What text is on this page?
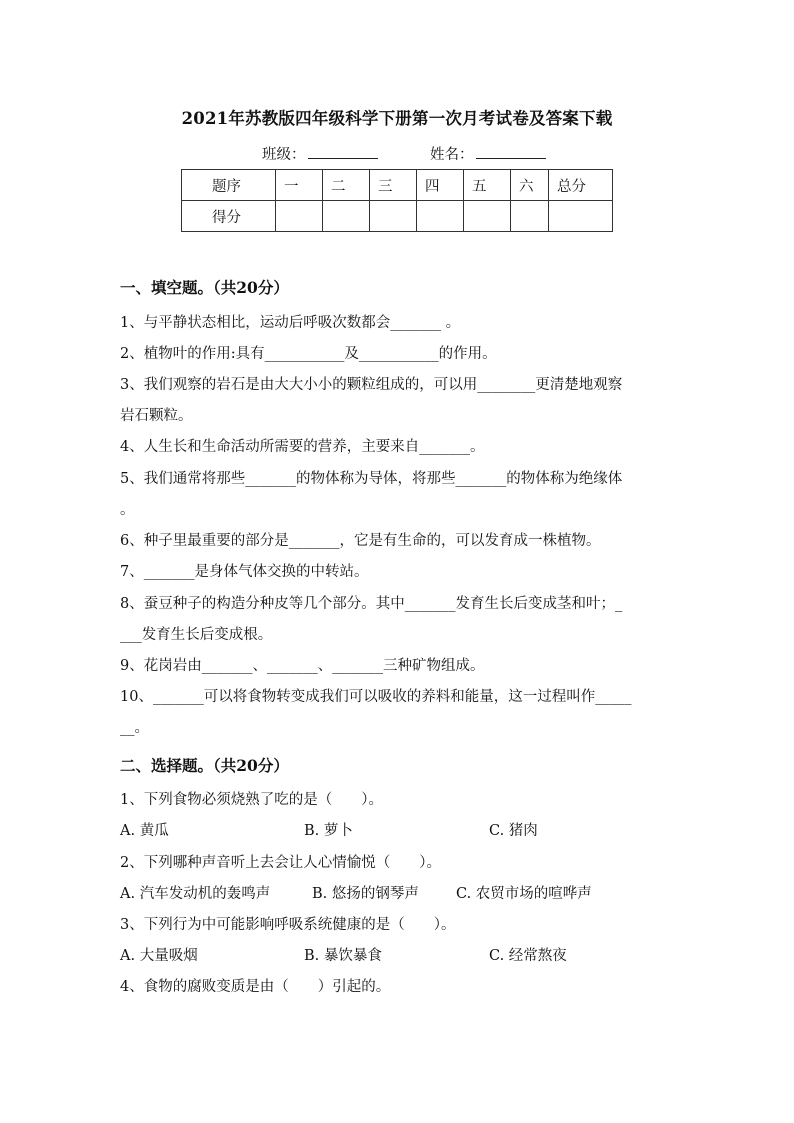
2021年苏教版四年级科学下册第一次月考试卷及答案下载
班级：	姓名：
题序	一	二	三	四	五	六	总分
得分							
一、填空题。（共20分）
1、与平静状态相比，运动后呼吸次数都会_______ 。
2、植物叶的作用:具有___________及___________的作用。
3、我们观察的岩石是由大大小小的颗粒组成的，可以用________更清楚地观察
岩石颗粒。
4、人生长和生命活动所需要的营养，主要来自_______。
5、我们通常将那些_______的物体称为导体，将那些_______的物体称为绝缘体
。
6、种子里最重要的部分是_______，它是有生命的，可以发育成一株植物。
7、_______是身体气体交换的中转站。
8、蚕豆种子的构造分种皮等几个部分。其中_______发育生长后变成茎和叶；_
___发育生长后变成根。
9、花岗岩由_______、_______、_______三种矿物组成。
10、_______可以将食物转变成我们可以吸收的养料和能量，这一过程叫作_____
__。
二、选择题。（共20分）
1、下列食物必须烧熟了吃的是（　　）。
A. 黄瓜	B. 萝卜	C. 猪肉
2、下列哪种声音听上去会让人心情愉悦（　　）。
A. 汽车发动机的轰鸣声	B. 悠扬的钢琴声	C. 农贸市场的喧哗声
3、下列行为中可能影响呼吸系统健康的是（　　）。
A. 大量吸烟	B. 暴饮暴食	C. 经常熬夜
4、食物的腐败变质是由（　　）引起的。
